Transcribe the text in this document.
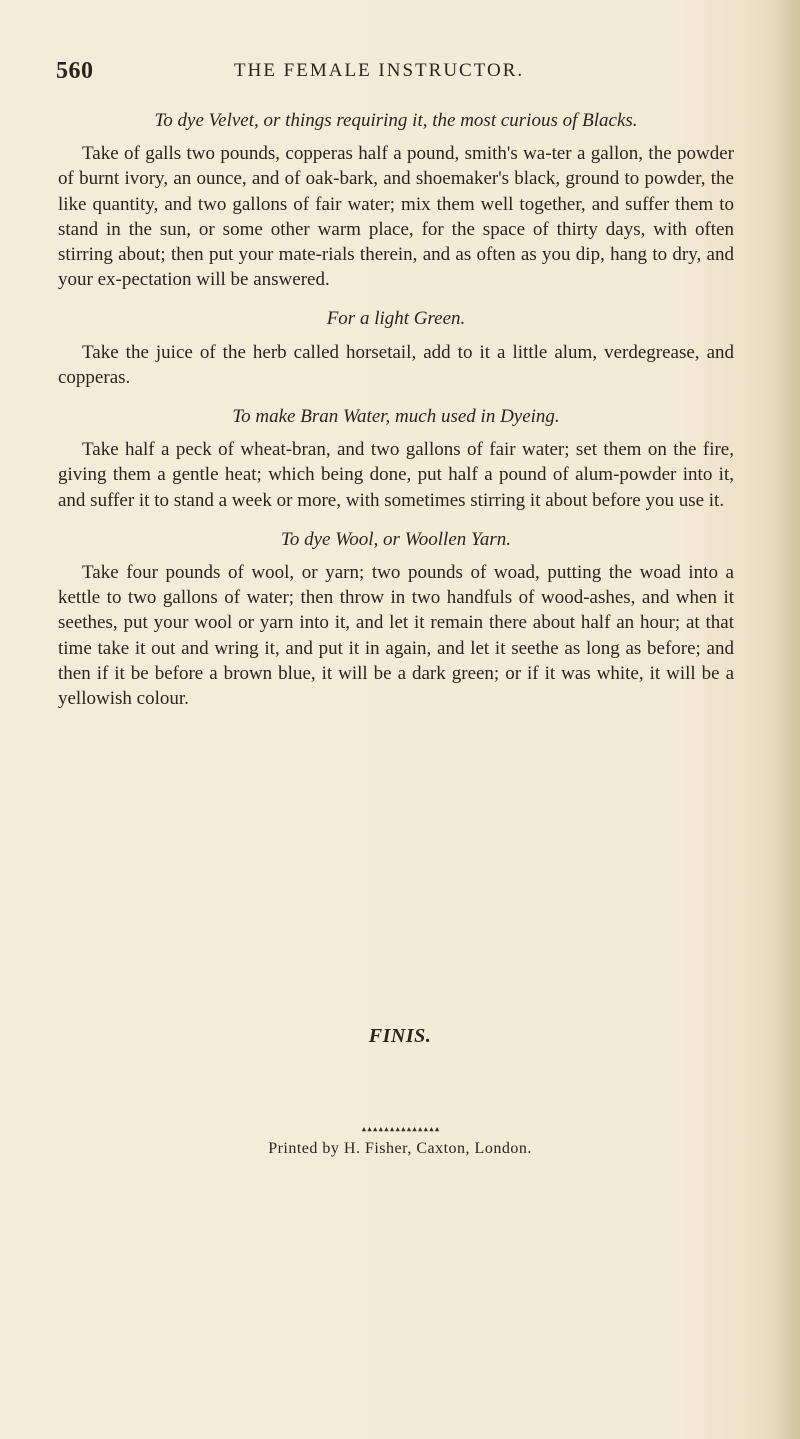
560	THE FEMALE INSTRUCTOR.

To dye Velvet, or things requiring it, the most curious of Blacks.

Take of galls two pounds, copperas half a pound, smith's wa-ter a gallon, the powder of burnt ivory, an ounce, and of oak-bark, and shoemaker's black, ground to powder, the like quantity, and two gallons of fair water; mix them well together, and suffer them to stand in the sun, or some other warm place, for the space of thirty days, with often stirring about; then put your mate-rials therein, and as often as you dip, hang to dry, and your ex-pectation will be answered.

For a light Green.

Take the juice of the herb called horsetail, add to it a little alum, verdegrease, and copperas.

To make Bran Water, much used in Dyeing.

Take half a peck of wheat-bran, and two gallons of fair water; set them on the fire, giving them a gentle heat; which being done, put half a pound of alum-powder into it, and suffer it to stand a week or more, with sometimes stirring it about before you use it.

To dye Wool, or Woollen Yarn.

Take four pounds of wool, or yarn; two pounds of woad, putting the woad into a kettle to two gallons of water; then throw in two handfuls of wood-ashes, and when it seethes, put your wool or yarn into it, and let it remain there about half an hour; at that time take it out and wring it, and put it in again, and let it seethe as long as before; and then if it be before a brown blue, it will be a dark green; or if it was white, it will be a yellowish colour.

FINIS.
▴▴▴▴▴▴▴▴▴▴▴▴▴▴
Printed by H. Fisher, Caxton, London.
